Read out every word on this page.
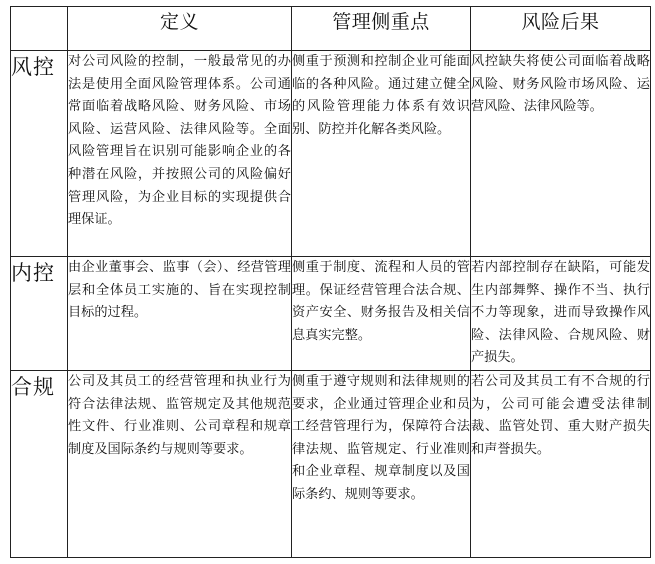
	定义	管理侧重点	风险后果
风控	对公司风险的控制，一般最常见的办法是使用全面风险管理体系。公司通常面临着战略风险、财务风险、市场风险、运营风险、法律风险等。全面风险管理旨在识别可能影响企业的各种潜在风险，并按照公司的风险偏好管理风险，为企业目标的实现提供合理保证。	侧重于预测和控制企业可能面临的各种风险。通过建立健全的风险管理能力体系有效识别、防控并化解各类风险。	风控缺失将使公司面临着战略风险、财务风险市场风险、运营风险、法律风险等。
内控	由企业董事会、监事（会）、经营管理层和全体员工实施的、旨在实现控制目标的过程。	侧重于制度、流程和人员的管理。保证经营管理合法合规、资产安全、财务报告及相关信息真实完整。	若内部控制存在缺陷，可能发生内部舞弊、操作不当、执行不力等现象，进而导致操作风险、法律风险、合规风险、财产损失。
合规	公司及其员工的经营管理和执业行为符合法律法规、监管规定及其他规范性文件、行业准则、公司章程和规章制度及国际条约与规则等要求。	侧重于遵守规则和法律规则的要求，企业通过管理企业和员工经营管理行为，保障符合法律法规、监管规定、行业准则和企业章程、规章制度以及国际条约、规则等要求。	若公司及其员工有不合规的行为，公司可能会遭受法律制裁、监管处罚、重大财产损失和声誉损失。
